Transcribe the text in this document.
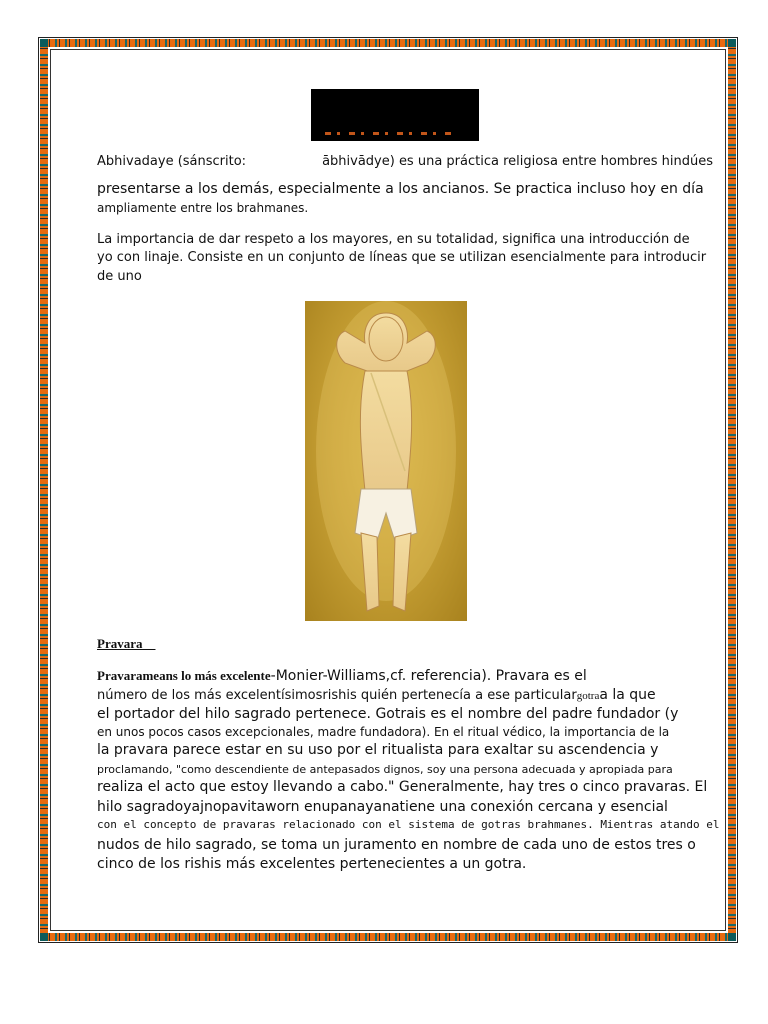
Abhivadaye (sánscrito:	ābhivādye) es una práctica religiosa entre hombres hindúes
presentarse a los demás, especialmente a los ancianos. Se practica incluso hoy en día
ampliamente entre los brahmanes.
La importancia de dar respeto a los mayores, en su totalidad, significa una introducción de
yo con linaje. Consiste en un conjunto de líneas que se utilizan esencialmente para introducir
de uno
Pravara
Pravarameans lo más excelente-Monier-Williams,cf. referencia). Pravara es el
número de los más excelentísimosrishis quién pertenecía a ese particulargotraa la que
el portador del hilo sagrado pertenece. Gotrais es el nombre del padre fundador (y
en unos pocos casos excepcionales, madre fundadora). En el ritual védico, la importancia de la
la pravara parece estar en su uso por el ritualista para exaltar su ascendencia y
proclamando, "como descendiente de antepasados dignos, soy una persona adecuada y apropiada para
realiza el acto que estoy llevando a cabo." Generalmente, hay tres o cinco pravaras. El
hilo sagradoyajnopavitaworn enupanayanatiene una conexión cercana y esencial
con el concepto de pravaras relacionado con el sistema de gotras brahmanes. Mientras atando el
nudos de hilo sagrado, se toma un juramento en nombre de cada uno de estos tres o
cinco de los rishis más excelentes pertenecientes a un gotra.
